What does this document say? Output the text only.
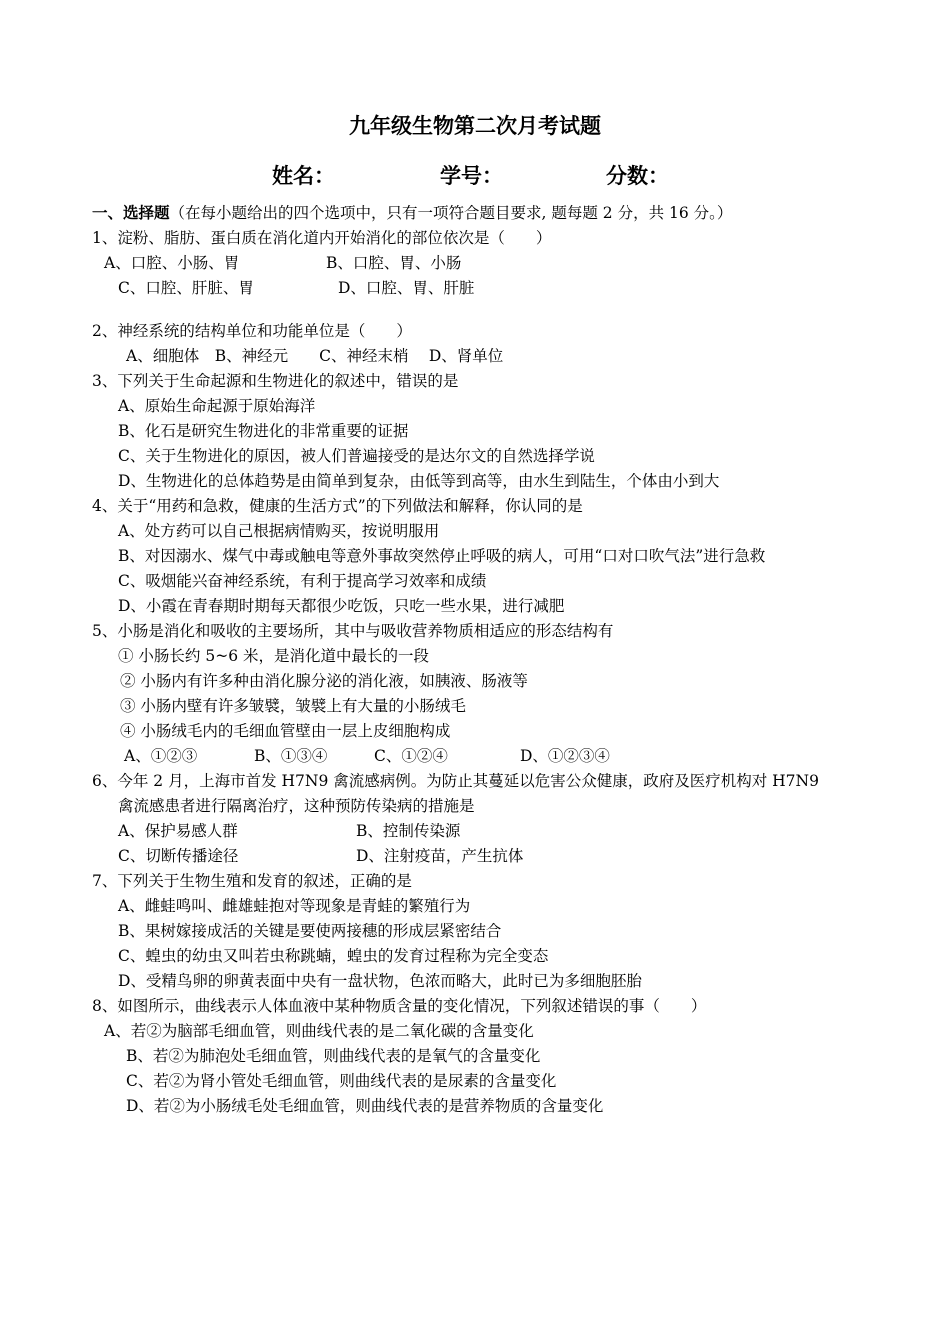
九年级生物第二次月考试题
姓名：	学号：	分数：
一、选择题（在每小题给出的四个选项中，只有一项符合题目要求, 题每题 2 分，共 16 分。）
1、淀粉、脂肪、蛋白质在消化道内开始消化的部位依次是（　　）
A、口腔、小肠、胃	B、口腔、胃、小肠
C、口腔、肝脏、胃	D、口腔、胃、肝脏
2、神经系统的结构单位和功能单位是（　　）
A、细胞体　B、神经元　　C、神经末梢　 D、肾单位
3、下列关于生命起源和生物进化的叙述中，错误的是
A、原始生命起源于原始海洋
B、化石是研究生物进化的非常重要的证据
C、关于生物进化的原因，被人们普遍接受的是达尔文的自然选择学说
D、生物进化的总体趋势是由简单到复杂，由低等到高等，由水生到陆生，个体由小到大
4、关于“用药和急救，健康的生活方式”的下列做法和解释，你认同的是
A、处方药可以自己根据病情购买，按说明服用
B、对因溺水、煤气中毒或触电等意外事故突然停止呼吸的病人，可用“口对口吹气法”进行急救
C、吸烟能兴奋神经系统，有利于提高学习效率和成绩
D、小霞在青春期时期每天都很少吃饭，只吃一些水果，进行减肥
5、小肠是消化和吸收的主要场所，其中与吸收营养物质相适应的形态结构有
① 小肠长约 5~6 米，是消化道中最长的一段
② 小肠内有许多种由消化腺分泌的消化液，如胰液、肠液等
③ 小肠内壁有许多皱襞，皱襞上有大量的小肠绒毛
④ 小肠绒毛内的毛细血管壁由一层上皮细胞构成
A、①②③	B、①③④	C、①②④	D、①②③④
6、今年 2 月，上海市首发 H7N9 禽流感病例。为防止其蔓延以危害公众健康，政府及医疗机构对 H7N9
禽流感患者进行隔离治疗，这种预防传染病的措施是
A、保护易感人群	B、控制传染源
C、切断传播途径	D、注射疫苗，产生抗体
7、下列关于生物生殖和发育的叙述，正确的是
A、雌蛙鸣叫、雌雄蛙抱对等现象是青蛙的繁殖行为
B、果树嫁接成活的关键是要使两接穗的形成层紧密结合
C、蝗虫的幼虫又叫若虫称跳蝻，蝗虫的发育过程称为完全变态
D、受精鸟卵的卵黄表面中央有一盘状物，色浓而略大，此时已为多细胞胚胎
8、如图所示，曲线表示人体血液中某种物质含量的变化情况，下列叙述错误的事（　　）
A、若②为脑部毛细血管，则曲线代表的是二氧化碳的含量变化
B、若②为肺泡处毛细血管，则曲线代表的是氧气的含量变化
C、若②为肾小管处毛细血管，则曲线代表的是尿素的含量变化
D、若②为小肠绒毛处毛细血管，则曲线代表的是营养物质的含量变化
